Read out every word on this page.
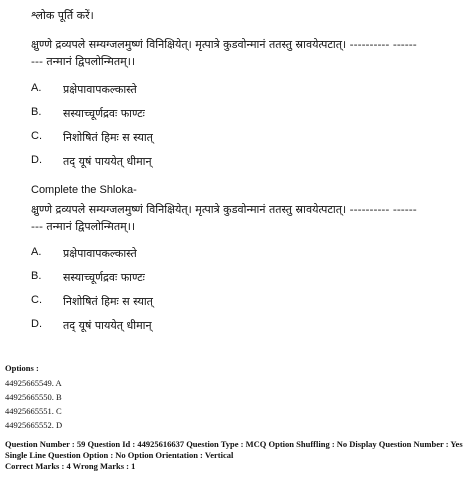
श्लोक पूर्ति करें।
क्षुण्णे द्रव्यपले सम्यग्जलमुष्णं विनिक्षियेत्। मृत्पात्रे कुडवोन्मानं ततस्तु स्रावयेत्पटात्। ---------- ------
--- तन्मानं द्विपलोन्मितम्।।
A.	प्रक्षेपावापकल्कास्ते
B.	सस्याच्चूर्णद्रवः फाण्टः
C.	निशोषितं हिमः स स्यात्
D.	तद् यूषं पाययेत् धीमान्
Complete the Shloka-
क्षुण्णे द्रव्यपले सम्यग्जलमुष्णं विनिक्षियेत्। मृत्पात्रे कुडवोन्मानं ततस्तु स्रावयेत्पटात्। ---------- ------
--- तन्मानं द्विपलोन्मितम्।।
A.	प्रक्षेपावापकल्कास्ते
B.	सस्याच्चूर्णद्रवः फाण्टः
C.	निशोषितं हिमः स स्यात्
D.	तद् यूषं पाययेत् धीमान्
Options :
44925665549. A
44925665550. B
44925665551. C
44925665552. D
Question Number : 59 Question Id : 44925616637 Question Type : MCQ Option Shuffling : No Display Question Number : Yes
Single Line Question Option : No Option Orientation : Vertical
Correct Marks : 4 Wrong Marks : 1
